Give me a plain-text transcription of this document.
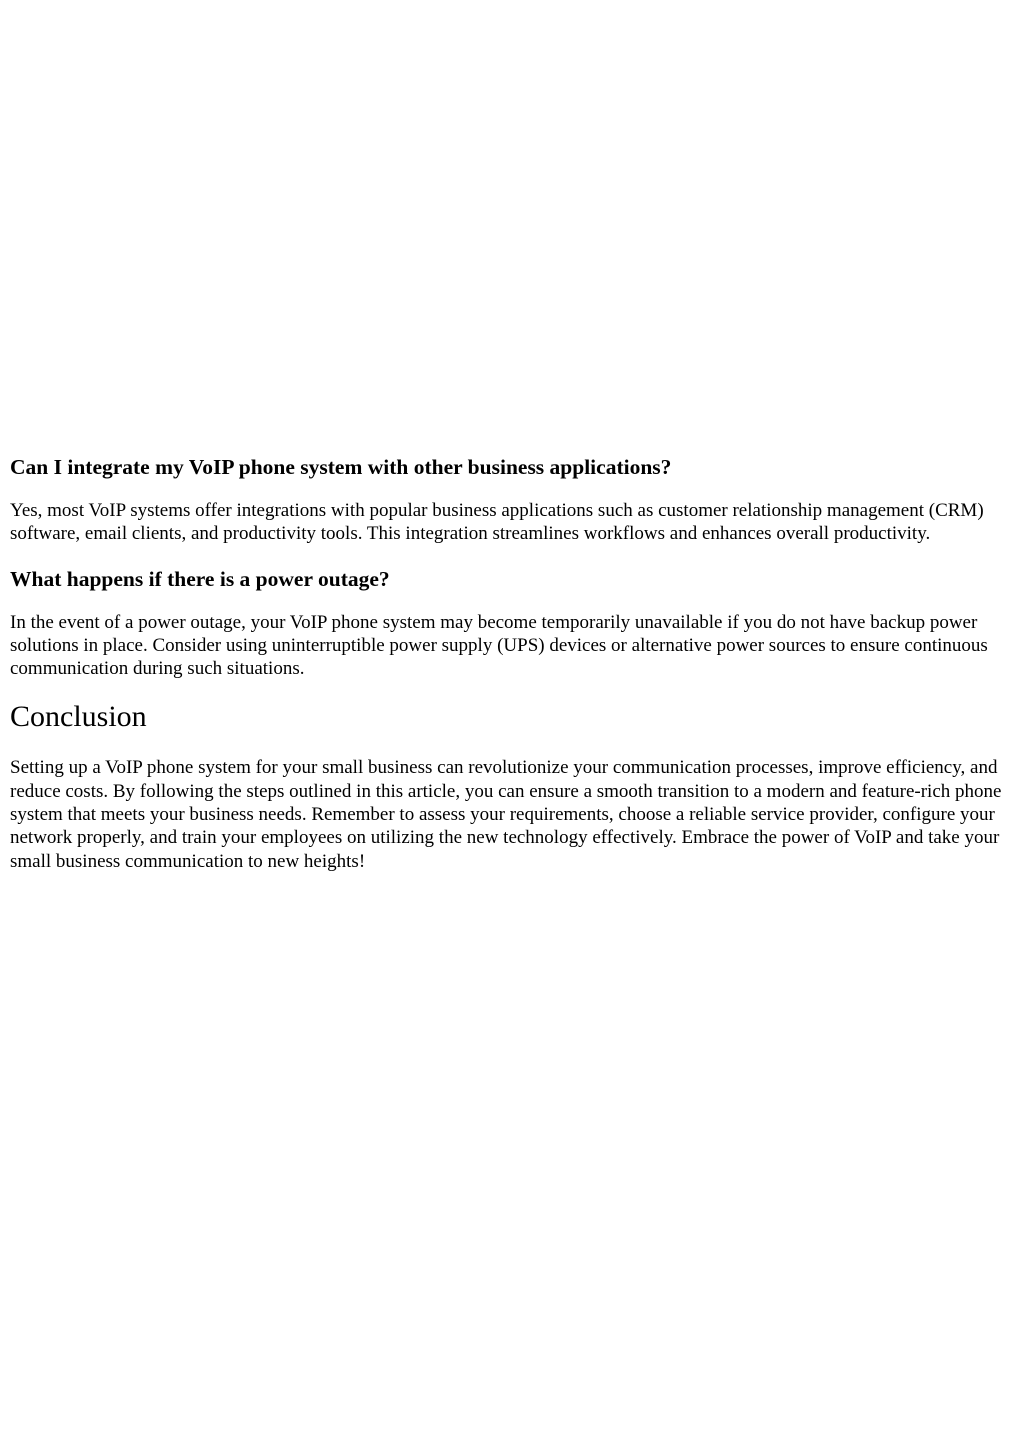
Can I integrate my VoIP phone system with other business applications?

Yes, most VoIP systems offer integrations with popular business applications such as customer relationship management (CRM) software, email clients, and productivity tools. This integration streamlines workflows and enhances overall productivity.

What happens if there is a power outage?

In the event of a power outage, your VoIP phone system may become temporarily unavailable if you do not have backup power solutions in place. Consider using uninterruptible power supply (UPS) devices or alternative power sources to ensure continuous communication during such situations.

Conclusion

Setting up a VoIP phone system for your small business can revolutionize your communication processes, improve efficiency, and reduce costs. By following the steps outlined in this article, you can ensure a smooth transition to a modern and feature-rich phone system that meets your business needs. Remember to assess your requirements, choose a reliable service provider, configure your network properly, and train your employees on utilizing the new technology effectively. Embrace the power of VoIP and take your small business communication to new heights!
